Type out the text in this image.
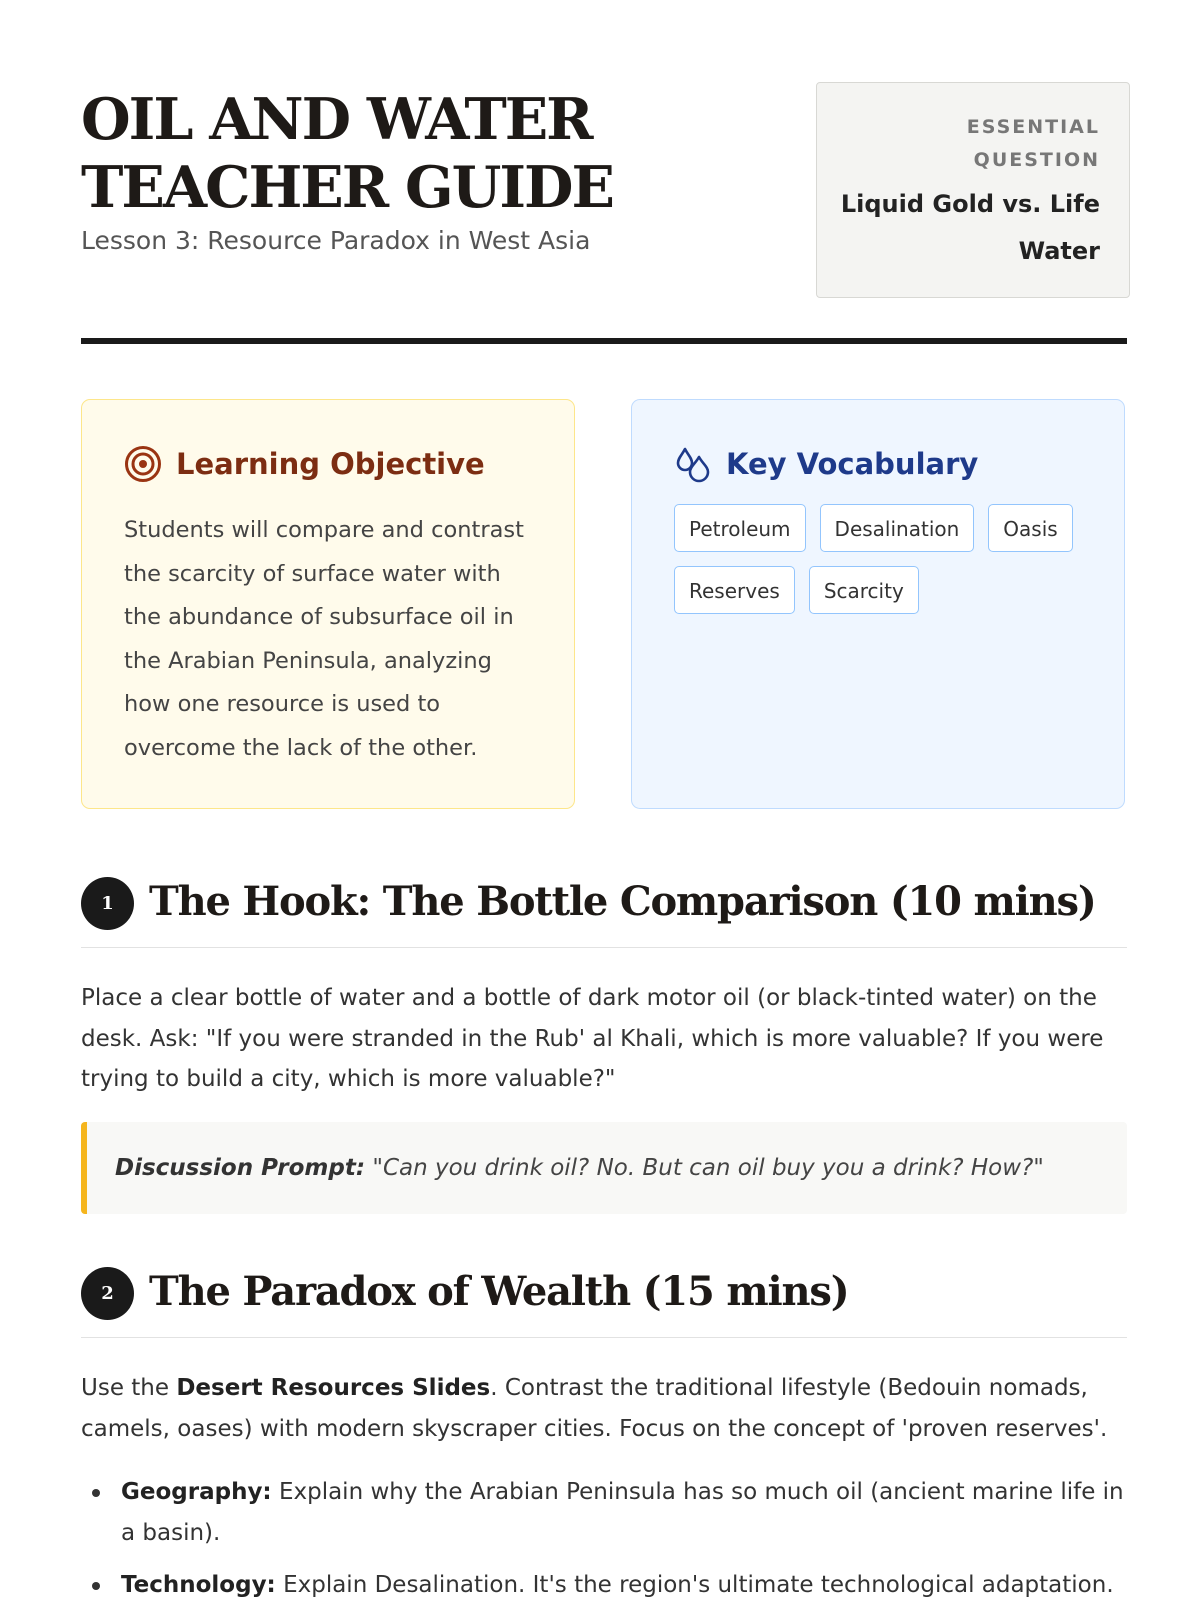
OIL AND WATER
TEACHER GUIDE
Lesson 3: Resource Paradox in West Asia
ESSENTIAL
QUESTION
Liquid Gold vs. Life
Water
Learning Objective

Students will compare and contrast the scarcity of surface water with the abundance of subsurface oil in the Arabian Peninsula, analyzing how one resource is used to overcome the lack of the other.

Key Vocabulary
Petroleum	Desalination	Oasis
Reserves	Scarcity
1 The Hook: The Bottle Comparison (10 mins)

Place a clear bottle of water and a bottle of dark motor oil (or black-tinted water) on the desk. Ask: "If you were stranded in the Rub' al Khali, which is more valuable? If you were trying to build a city, which is more valuable?"

Discussion Prompt: "Can you drink oil? No. But can oil buy you a drink? How?"
2 The Paradox of Wealth (15 mins)

Use the Desert Resources Slides. Contrast the traditional lifestyle (Bedouin nomads, camels, oases) with modern skyscraper cities. Focus on the concept of 'proven reserves'.

Geography: Explain why the Arabian Peninsula has so much oil (ancient marine life in a basin).
Technology: Explain Desalination. It's the region's ultimate technological adaptation.
